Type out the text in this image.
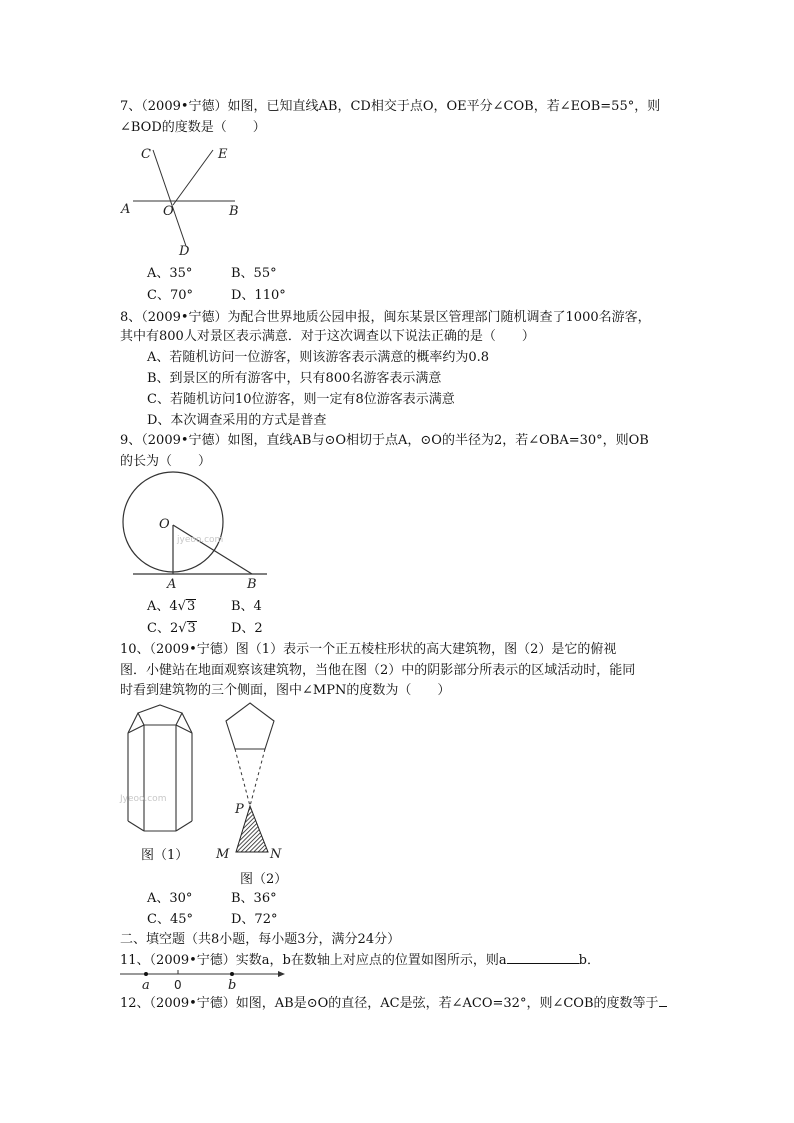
7、（2009•宁德）如图，已知直线AB，CD相交于点O，OE平分∠COB，若∠EOB=55°，则
∠BOD的度数是（　　）
C	E
A	O	B
D
A、35°	B、55°
C、70°	D、110°
8、（2009•宁德）为配合世界地质公园申报，闽东某景区管理部门随机调查了1000名游客，
其中有800人对景区表示满意．对于这次调查以下说法正确的是（　　）
A、若随机访问一位游客，则该游客表示满意的概率约为0.8
B、到景区的所有游客中，只有800名游客表示满意
C、若随机访问10位游客，则一定有8位游客表示满意
D、本次调查采用的方式是普查
9、（2009•宁德）如图，直线AB与⊙O相切于点A，⊙O的半径为2，若∠OBA=30°，则OB
的长为（　　）
jyeoo.com
O
A	B
A、4√3	B、4
C、2√3	D、2
10、（2009•宁德）图（1）表示一个正五棱柱形状的高大建筑物，图（2）是它的俯视
图．小健站在地面观察该建筑物，当他在图（2）中的阴影部分所表示的区域活动时，能同
时看到建筑物的三个侧面，图中∠MPN的度数为（　　）
Jyeoo.com
图（1）
P
M	N
图（2）
A、30°	B、36°
C、45°	D、72°
二、填空题（共8小题，每小题3分，满分24分）
11、（2009•宁德）实数a，b在数轴上对应点的位置如图所示，则a	b．
a 0	b
12、（2009•宁德）如图，AB是⊙O的直径，AC是弦，若∠ACO=32°，则∠COB的度数等于
